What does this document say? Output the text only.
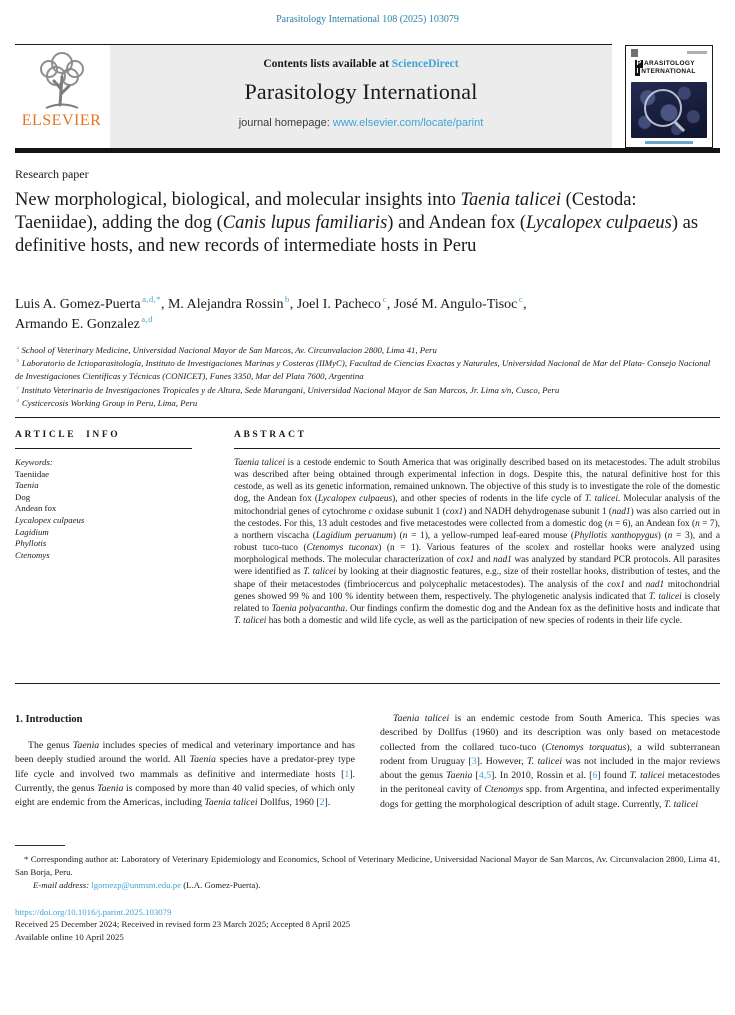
Parasitology International 108 (2025) 103079
ELSEVIER
Contents lists available at ScienceDirect
Parasitology International
journal homepage: www.elsevier.com/locate/parint
P ARASITOLOGY
I NTERNATIONAL
Research paper
New morphological, biological, and molecular insights into Taenia talicei (Cestoda: Taeniidae), adding the dog (Canis lupus familiaris) and Andean fox (Lycalopex culpaeus) as definitive hosts, and new records of intermediate hosts in Peru
Luis A. Gomez-Puerta $^{a,d,*}$, M. Alejandra Rossin $^b$, Joel I. Pacheco $^c$, José M. Angulo-Tisoc $^c$,
Armando E. Gonzalez $^{a,d}$
$^a$ School of Veterinary Medicine, Universidad Nacional Mayor de San Marcos, Av. Circunvalacion 2800, Lima 41, Peru
$^b$ Laboratorio de Ictioparasitología, Instituto de Investigaciones Marinas y Costeras (IIMyC), Facultad de Ciencias Exactas y Naturales, Universidad Nacional de Mar del Plata- Consejo Nacional de Investigaciones Científicas y Técnicas (CONICET), Funes 3350, Mar del Plata 7600, Argentina
$^c$ Instituto Veterinario de Investigaciones Tropicales y de Altura, Sede Marangani, Universidad Nacional Mayor de San Marcos, Jr. Lima s/n, Cusco, Peru
$^d$ Cysticercosis Working Group in Peru, Lima, Peru
ARTICLE INFO
Keywords:
Taeniidae
Taenia
Dog
Andean fox
Lycalopex culpaeus
Lagidium
Phyllotis
Ctenomys
ABSTRACT
Taenia talicei is a cestode endemic to South America that was originally described based on its metacestodes. The adult strobilus was described after being obtained through experimental infection in dogs. Despite this, the natural definitive host for this cestode, as well as its genetic information, remained unknown. The objective of this study is to investigate the role of the domestic dog, the Andean fox (Lycalopex culpaeus), and other species of rodents in the life cycle of T. talicei. Molecular analysis of the mitochondrial genes of cytochrome c oxidase subunit 1 (cox1) and NADH dehydrogenase subunit 1 (nad1) was also carried out in the cestodes. For this, 13 adult cestodes and five metacestodes were collected from a domestic dog (n = 6), an Andean fox (n = 7), a northern viscacha (Lagidium peruanum) (n = 1), a yellow-rumped leaf-eared mouse (Phyllotis xanthopygus) (n = 3), and a robust tuco-tuco (Ctenomys tuconax) (n = 1). Various features of the scolex and rostellar hooks were analyzed using morphological methods. The molecular characterization of cox1 and nad1 was analyzed by standard PCR protocols. All parasites were identified as T. talicei by looking at their diagnostic features, e.g., size of their rostellar hooks, distribution of testes, and the shape of their metacestodes (fimbriocercus and polycephalic metacestodes). The analysis of the cox1 and nad1 mitochondrial genes showed 99 % and 100 % identity between them, respectively. The phylogenetic analysis indicated that T. talicei is closely related to Taenia polyacantha. Our findings confirm the domestic dog and the Andean fox as the definitive hosts and indicate that T. talicei has both a domestic and wild life cycle, as well as the participation of new species of rodents in their life cycle.
1. Introduction

The genus Taenia includes species of medical and veterinary importance and has been deeply studied around the world. All Taenia species have a predator-prey type life cycle and involved two mammals as definitive and intermediate hosts [1]. Currently, the genus Taenia is composed by more than 40 valid species, of which only eight are endemic from the Americas, including Taenia talicei Dollfus, 1960 [2].

Taenia talicei is an endemic cestode from South America. This species was described by Dollfus (1960) and its description was only based on metacestode collected from the collared tuco-tuco (Ctenomys torquatus), a wild subterranean rodent from Uruguay [3]. However, T. talicei was not included in the major reviews about the genus Taenia [4,5]. In 2010, Rossin et al. [6] found T. talicei metacestodes in the peritoneal cavity of Ctenomys spp. from Argentina, and infected experimentally dogs for getting the morphological description of adult stage. Currently, T. talicei

* Corresponding author at: Laboratory of Veterinary Epidemiology and Economics, School of Veterinary Medicine, Universidad Nacional Mayor de San Marcos, Av. Circunvalacion 2800, Lima 41, San Borja, Peru.

E-mail address: lgomezp@unmsm.edu.pe (L.A. Gomez-Puerta).

https://doi.org/10.1016/j.parint.2025.103079
Received 25 December 2024; Received in revised form 23 March 2025; Accepted 8 April 2025
Available online 10 April 2025
